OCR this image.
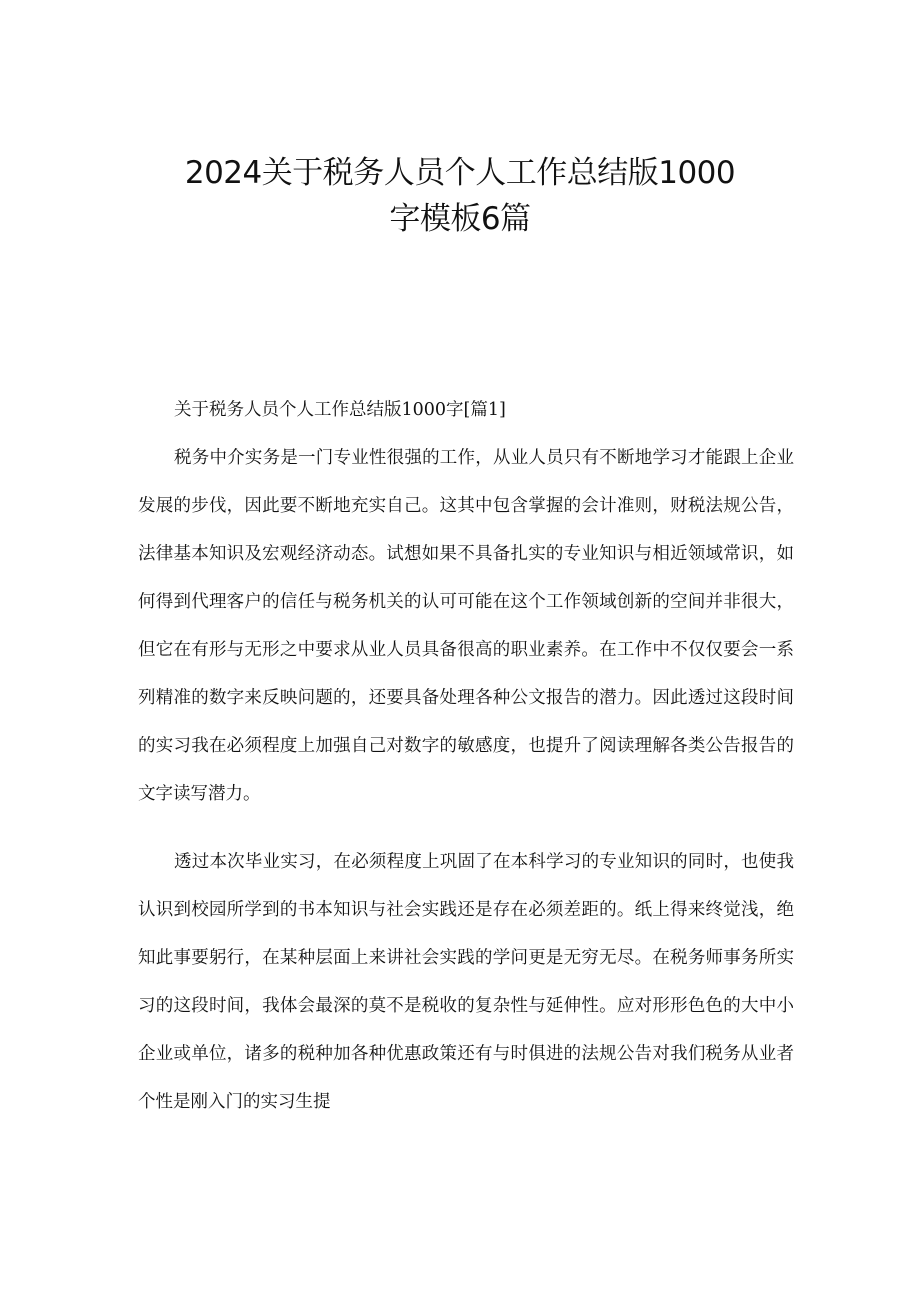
2024关于税务人员个人工作总结版1000
字模板6篇

关于税务人员个人工作总结版1000字[篇1]

税务中介实务是一门专业性很强的工作，从业人员只有不断地学习才能跟上企业发展的步伐，因此要不断地充实自己。这其中包含掌握的会计准则，财税法规公告，法律基本知识及宏观经济动态。试想如果不具备扎实的专业知识与相近领域常识，如何得到代理客户的信任与税务机关的认可可能在这个工作领域创新的空间并非很大，但它在有形与无形之中要求从业人员具备很高的职业素养。在工作中不仅仅要会一系列精准的数字来反映问题的，还要具备处理各种公文报告的潜力。因此透过这段时间的实习我在必须程度上加强自己对数字的敏感度，也提升了阅读理解各类公告报告的文字读写潜力。

透过本次毕业实习，在必须程度上巩固了在本科学习的专业知识的同时，也使我认识到校园所学到的书本知识与社会实践还是存在必须差距的。纸上得来终觉浅，绝知此事要躬行，在某种层面上来讲社会实践的学问更是无穷无尽。在税务师事务所实习的这段时间，我体会最深的莫不是税收的复杂性与延伸性。应对形形色色的大中小企业或单位，诸多的税种加各种优惠政策还有与时俱进的法规公告对我们税务从业者个性是刚入门的实习生提
